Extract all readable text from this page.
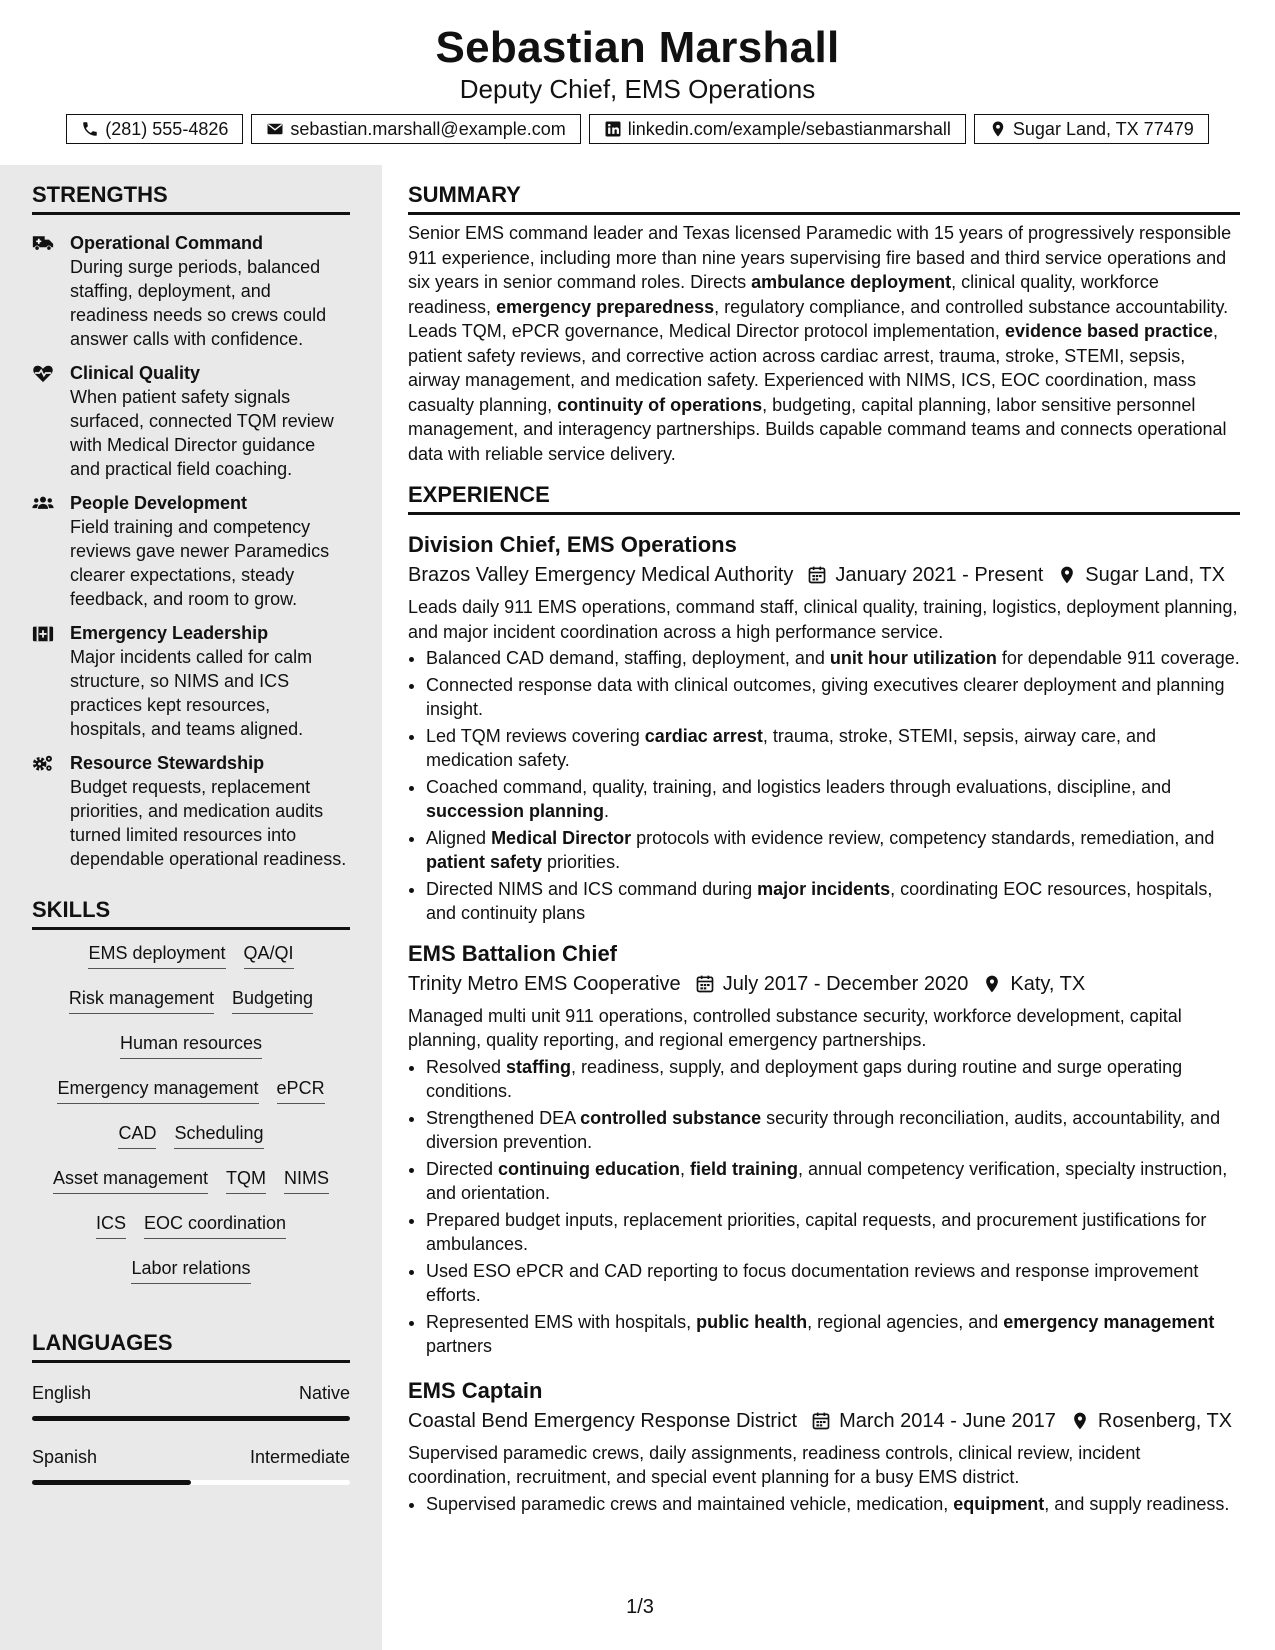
Sebastian Marshall
Deputy Chief, EMS Operations
(281) 555-4826	sebastian.marshall@example.com	linkedin.com/example/sebastianmarshall	Sugar Land, TX 77479
STRENGTHS
Operational Command
During surge periods, balanced staffing, deployment, and readiness needs so crews could answer calls with confidence.
Clinical Quality
When patient safety signals surfaced, connected TQM review with Medical Director guidance and practical field coaching.
People Development
Field training and competency reviews gave newer Paramedics clearer expectations, steady feedback, and room to grow.
Emergency Leadership
Major incidents called for calm structure, so NIMS and ICS practices kept resources, hospitals, and teams aligned.
Resource Stewardship
Budget requests, replacement priorities, and medication audits turned limited resources into dependable operational readiness.
SKILLS
EMS deployment QA/QI
Risk management Budgeting
Human resources
Emergency management ePCR
CAD Scheduling
Asset management TQM NIMS
ICS EOC coordination
Labor relations
LANGUAGES
English	Native
Spanish	Intermediate
SUMMARY
Senior EMS command leader and Texas licensed Paramedic with 15 years of progressively responsible 911 experience, including more than nine years supervising fire based and third service operations and six years in senior command roles. Directs ambulance deployment, clinical quality, workforce readiness, emergency preparedness, regulatory compliance, and controlled substance accountability. Leads TQM, ePCR governance, Medical Director protocol implementation, evidence based practice, patient safety reviews, and corrective action across cardiac arrest, trauma, stroke, STEMI, sepsis, airway management, and medication safety. Experienced with NIMS, ICS, EOC coordination, mass casualty planning, continuity of operations, budgeting, capital planning, labor sensitive personnel management, and interagency partnerships. Builds capable command teams and connects operational data with reliable service delivery.
EXPERIENCE
Division Chief, EMS Operations
Brazos Valley Emergency Medical Authority January 2021 - Present Sugar Land, TX
Leads daily 911 EMS operations, command staff, clinical quality, training, logistics, deployment planning, and major incident coordination across a high performance service.
• Balanced CAD demand, staffing, deployment, and unit hour utilization for dependable 911 coverage.
• Connected response data with clinical outcomes, giving executives clearer deployment and planning insight.
• Led TQM reviews covering cardiac arrest, trauma, stroke, STEMI, sepsis, airway care, and medication safety.
• Coached command, quality, training, and logistics leaders through evaluations, discipline, and succession planning.
• Aligned Medical Director protocols with evidence review, competency standards, remediation, and patient safety priorities.
• Directed NIMS and ICS command during major incidents, coordinating EOC resources, hospitals, and continuity plans
EMS Battalion Chief
Trinity Metro EMS Cooperative July 2017 - December 2020 Katy, TX
Managed multi unit 911 operations, controlled substance security, workforce development, capital planning, quality reporting, and regional emergency partnerships.
• Resolved staffing, readiness, supply, and deployment gaps during routine and surge operating conditions.
• Strengthened DEA controlled substance security through reconciliation, audits, accountability, and diversion prevention.
• Directed continuing education, field training, annual competency verification, specialty instruction, and orientation.
• Prepared budget inputs, replacement priorities, capital requests, and procurement justifications for ambulances.
• Used ESO ePCR and CAD reporting to focus documentation reviews and response improvement efforts.
• Represented EMS with hospitals, public health, regional agencies, and emergency management partners
EMS Captain
Coastal Bend Emergency Response District March 2014 - June 2017 Rosenberg, TX
Supervised paramedic crews, daily assignments, readiness controls, clinical review, incident coordination, recruitment, and special event planning for a busy EMS district.
• Supervised paramedic crews and maintained vehicle, medication, equipment, and supply readiness.
1/3
